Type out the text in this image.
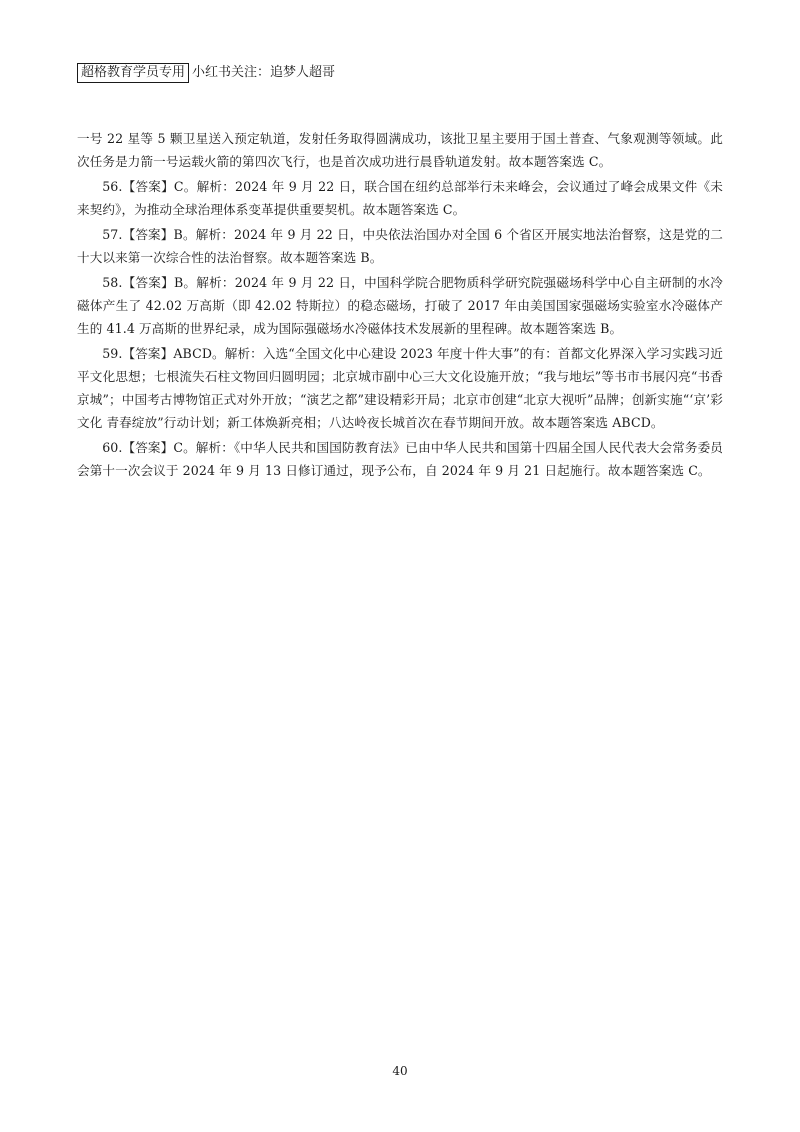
超格教育学员专用 小红书关注：追梦人超哥

一号 22 星等 5 颗卫星送入预定轨道，发射任务取得圆满成功，该批卫星主要用于国土普查、气象观测等领域。此次任务是力箭一号运载火箭的第四次飞行，也是首次成功进行晨昏轨道发射。故本题答案选 C。

56.【答案】C。解析：2024 年 9 月 22 日，联合国在纽约总部举行未来峰会，会议通过了峰会成果文件《未来契约》，为推动全球治理体系变革提供重要契机。故本题答案选 C。

57.【答案】B。解析：2024 年 9 月 22 日，中央依法治国办对全国 6 个省区开展实地法治督察，这是党的二十大以来第一次综合性的法治督察。故本题答案选 B。

58.【答案】B。解析：2024 年 9 月 22 日，中国科学院合肥物质科学研究院强磁场科学中心自主研制的水冷磁体产生了 42.02 万高斯（即 42.02 特斯拉）的稳态磁场，打破了 2017 年由美国国家强磁场实验室水冷磁体产生的 41.4 万高斯的世界纪录，成为国际强磁场水冷磁体技术发展新的里程碑。故本题答案选 B。

59.【答案】ABCD。解析：入选“全国文化中心建设 2023 年度十件大事”的有：首都文化界深入学习实践习近平文化思想；七根流失石柱文物回归圆明园；北京城市副中心三大文化设施开放；“我与地坛”等书市书展闪亮“书香京城”；中国考古博物馆正式对外开放；“演艺之都”建设精彩开局；北京市创建“北京大视听”品牌；创新实施“‘京’彩文化 青春绽放”行动计划；新工体焕新亮相；八达岭夜长城首次在春节期间开放。故本题答案选 ABCD。

60.【答案】C。解析：《中华人民共和国国防教育法》已由中华人民共和国第十四届全国人民代表大会常务委员会第十一次会议于 2024 年 9 月 13 日修订通过，现予公布，自 2024 年 9 月 21 日起施行。故本题答案选 C。

40
